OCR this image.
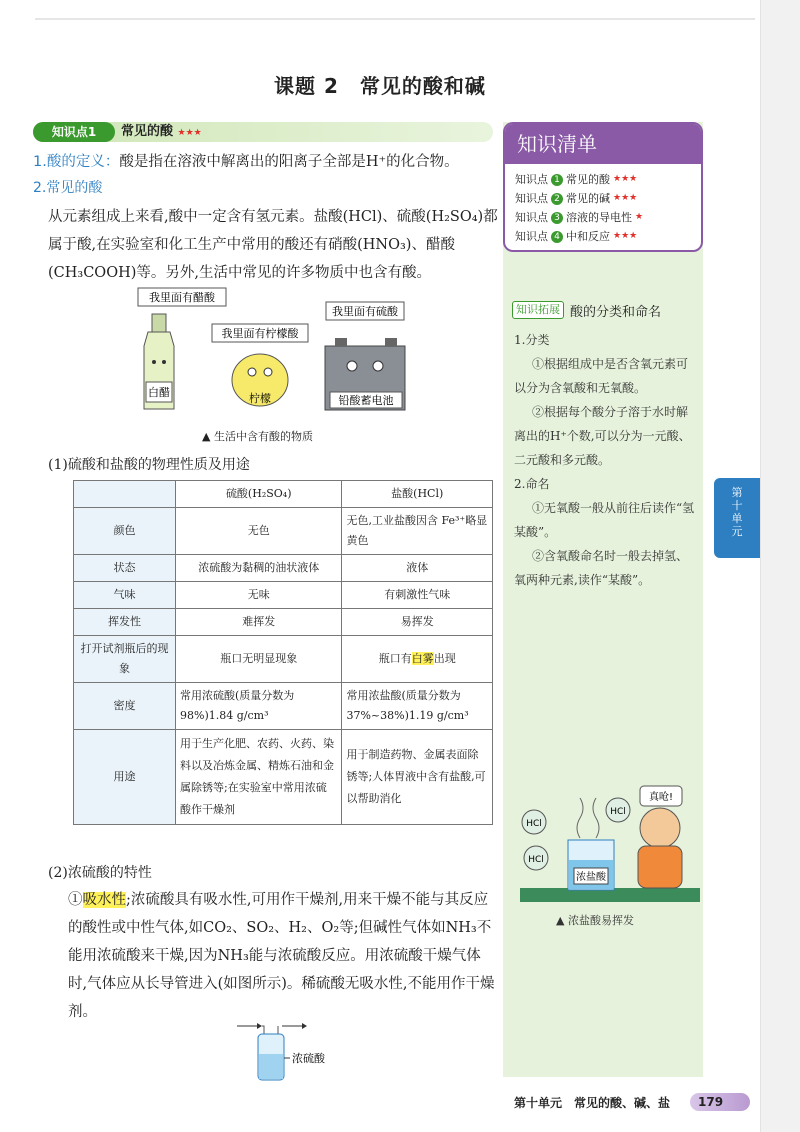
课题 2　常见的酸和碱
知识点1	常见的酸 ★★★
1.酸的定义：酸是指在溶液中解离出的阳离子全部是H⁺的化合物。
2.常见的酸
从元素组成上来看,酸中一定含有氢元素。盐酸(HCl)、硫酸(H₂SO₄)都属于酸,在实验室和化工生产中常用的酸还有硝酸(HNO₃)、醋酸(CH₃COOH)等。另外,生活中常见的许多物质中也含有酸。
我里面有醋酸
我里面有柠檬酸
我里面有硫酸
白醋	柠檬	铅酸蓄电池
▲ 生活中含有酸的物质
(1)硫酸和盐酸的物理性质及用途
	硫酸(H₂SO₄)	盐酸(HCl)
颜色	无色	无色,工业盐酸因含 Fe³⁺略显黄色
状态	浓硫酸为黏稠的油状液体	液体
气味	无味	有刺激性气味
挥发性	难挥发	易挥发
打开试剂瓶后的现象	瓶口无明显现象	瓶口有白雾出现
密度	常用浓硫酸(质量分数为98%)1.84 g/cm³	常用浓盐酸(质量分数为37%~38%)1.19 g/cm³
用途	用于生产化肥、农药、火药、染料以及冶炼金属、精炼石油和金属除锈等;在实验室中常用浓硫酸作干燥剂	用于制造药物、金属表面除锈等;人体胃液中含有盐酸,可以帮助消化
(2)浓硫酸的特性
①吸水性;浓硫酸具有吸水性,可用作干燥剂,用来干燥不能与其反应的酸性或中性气体,如CO₂、SO₂、H₂、O₂等;但碱性气体如NH₃不能用浓硫酸来干燥,因为NH₃能与浓硫酸反应。用浓硫酸干燥气体时,气体应从长导管进入(如图所示)。稀硫酸无吸水性,不能用作干燥剂。
浓硫酸
知识清单
知识点 1 常见的酸 ★★★
知识点 2 常见的碱 ★★★
知识点 3 溶液的导电性 ★
知识点 4 中和反应 ★★★
知识拓展 酸的分类和命名

1.分类

①根据组成中是否含氧元素可以分为含氧酸和无氧酸。

②根据每个酸分子溶于水时解离出的H⁺个数,可以分为一元酸、二元酸和多元酸。

2.命名

①无氧酸一般从前往后读作“氢某酸”。

②含氧酸命名时一般去掉氢、氧两种元素,读作“某酸”。

HCl
HCl
HCl
真呛!
浓盐酸
▲ 浓盐酸易挥发
第
十
单
元
第十单元　常见的酸、碱、盐	179
